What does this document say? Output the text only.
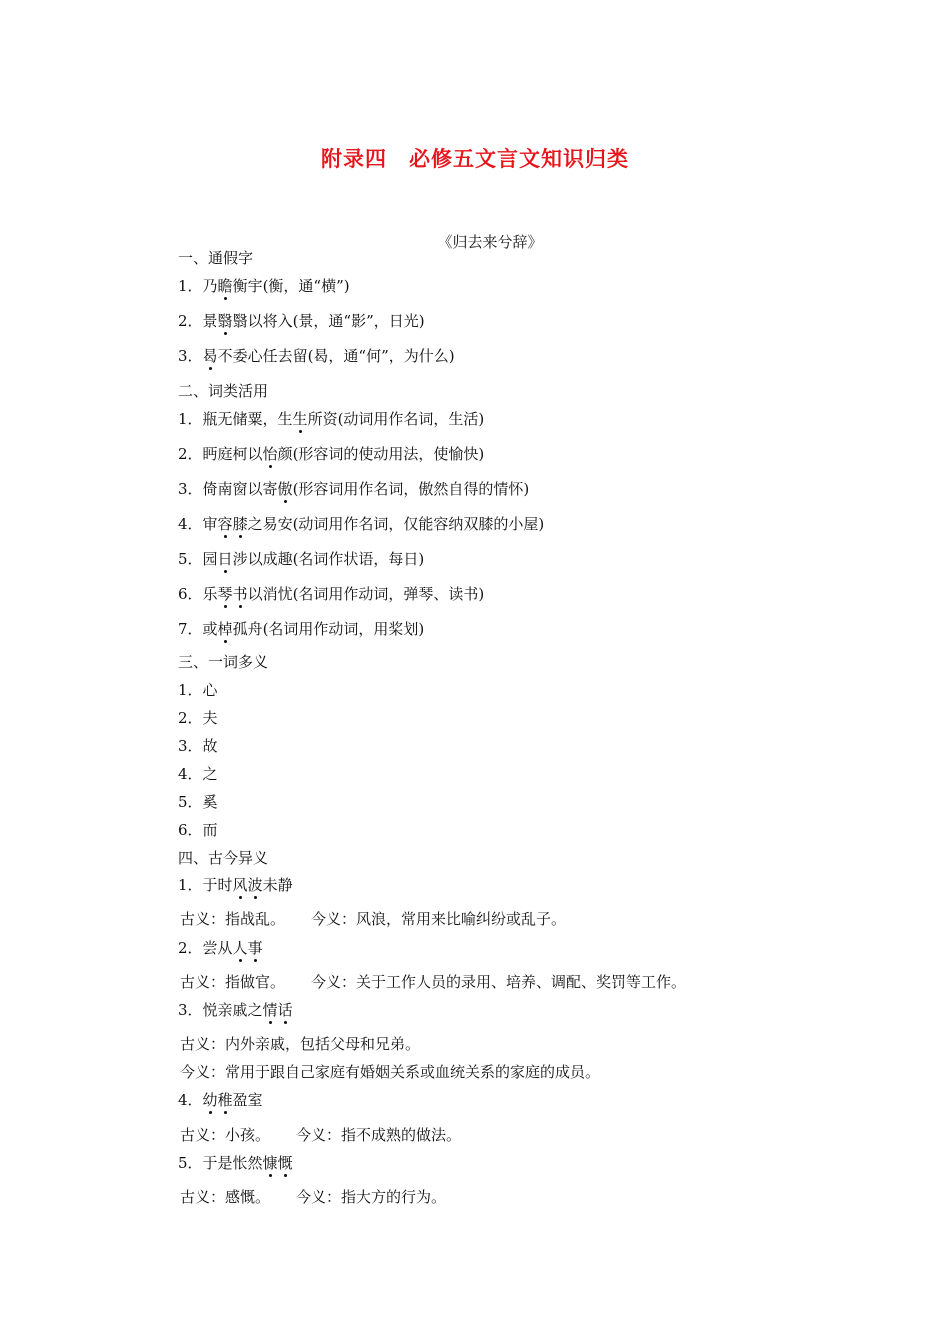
附录四　必修五文言文知识归类
《归去来兮辞》
一、通假字
1．乃瞻衡宇(衡，通“横”)
2．景翳翳以将入(景，通“影”，日光)
3．曷不委心任去留(曷，通“何”，为什么)
二、词类活用
1．瓶无储粟，生生所资(动词用作名词，生活)
2．眄庭柯以怡颜(形容词的使动用法，使愉快)
3．倚南窗以寄傲(形容词用作名词，傲然自得的情怀)
4．审容膝之易安(动词用作名词，仅能容纳双膝的小屋)
5．园日涉以成趣(名词作状语，每日)
6．乐琴书以消忧(名词用作动词，弹琴、读书)
7．或棹孤舟(名词用作动词，用桨划)
三、一词多义
1．心
2．夫
3．故
4．之
5．奚
6．而
四、古今异义
1．于时风波未静
古义：指战乱。 今义：风浪，常用来比喻纠纷或乱子。
2．尝从人事
古义：指做官。 今义：关于工作人员的录用、培养、调配、奖罚等工作。
3．悦亲戚之情话
古义：内外亲戚，包括父母和兄弟。
今义：常用于跟自己家庭有婚姻关系或血统关系的家庭的成员。
4．幼稚盈室
古义：小孩。 今义：指不成熟的做法。
5．于是怅然慷慨
古义：感慨。 今义：指大方的行为。
